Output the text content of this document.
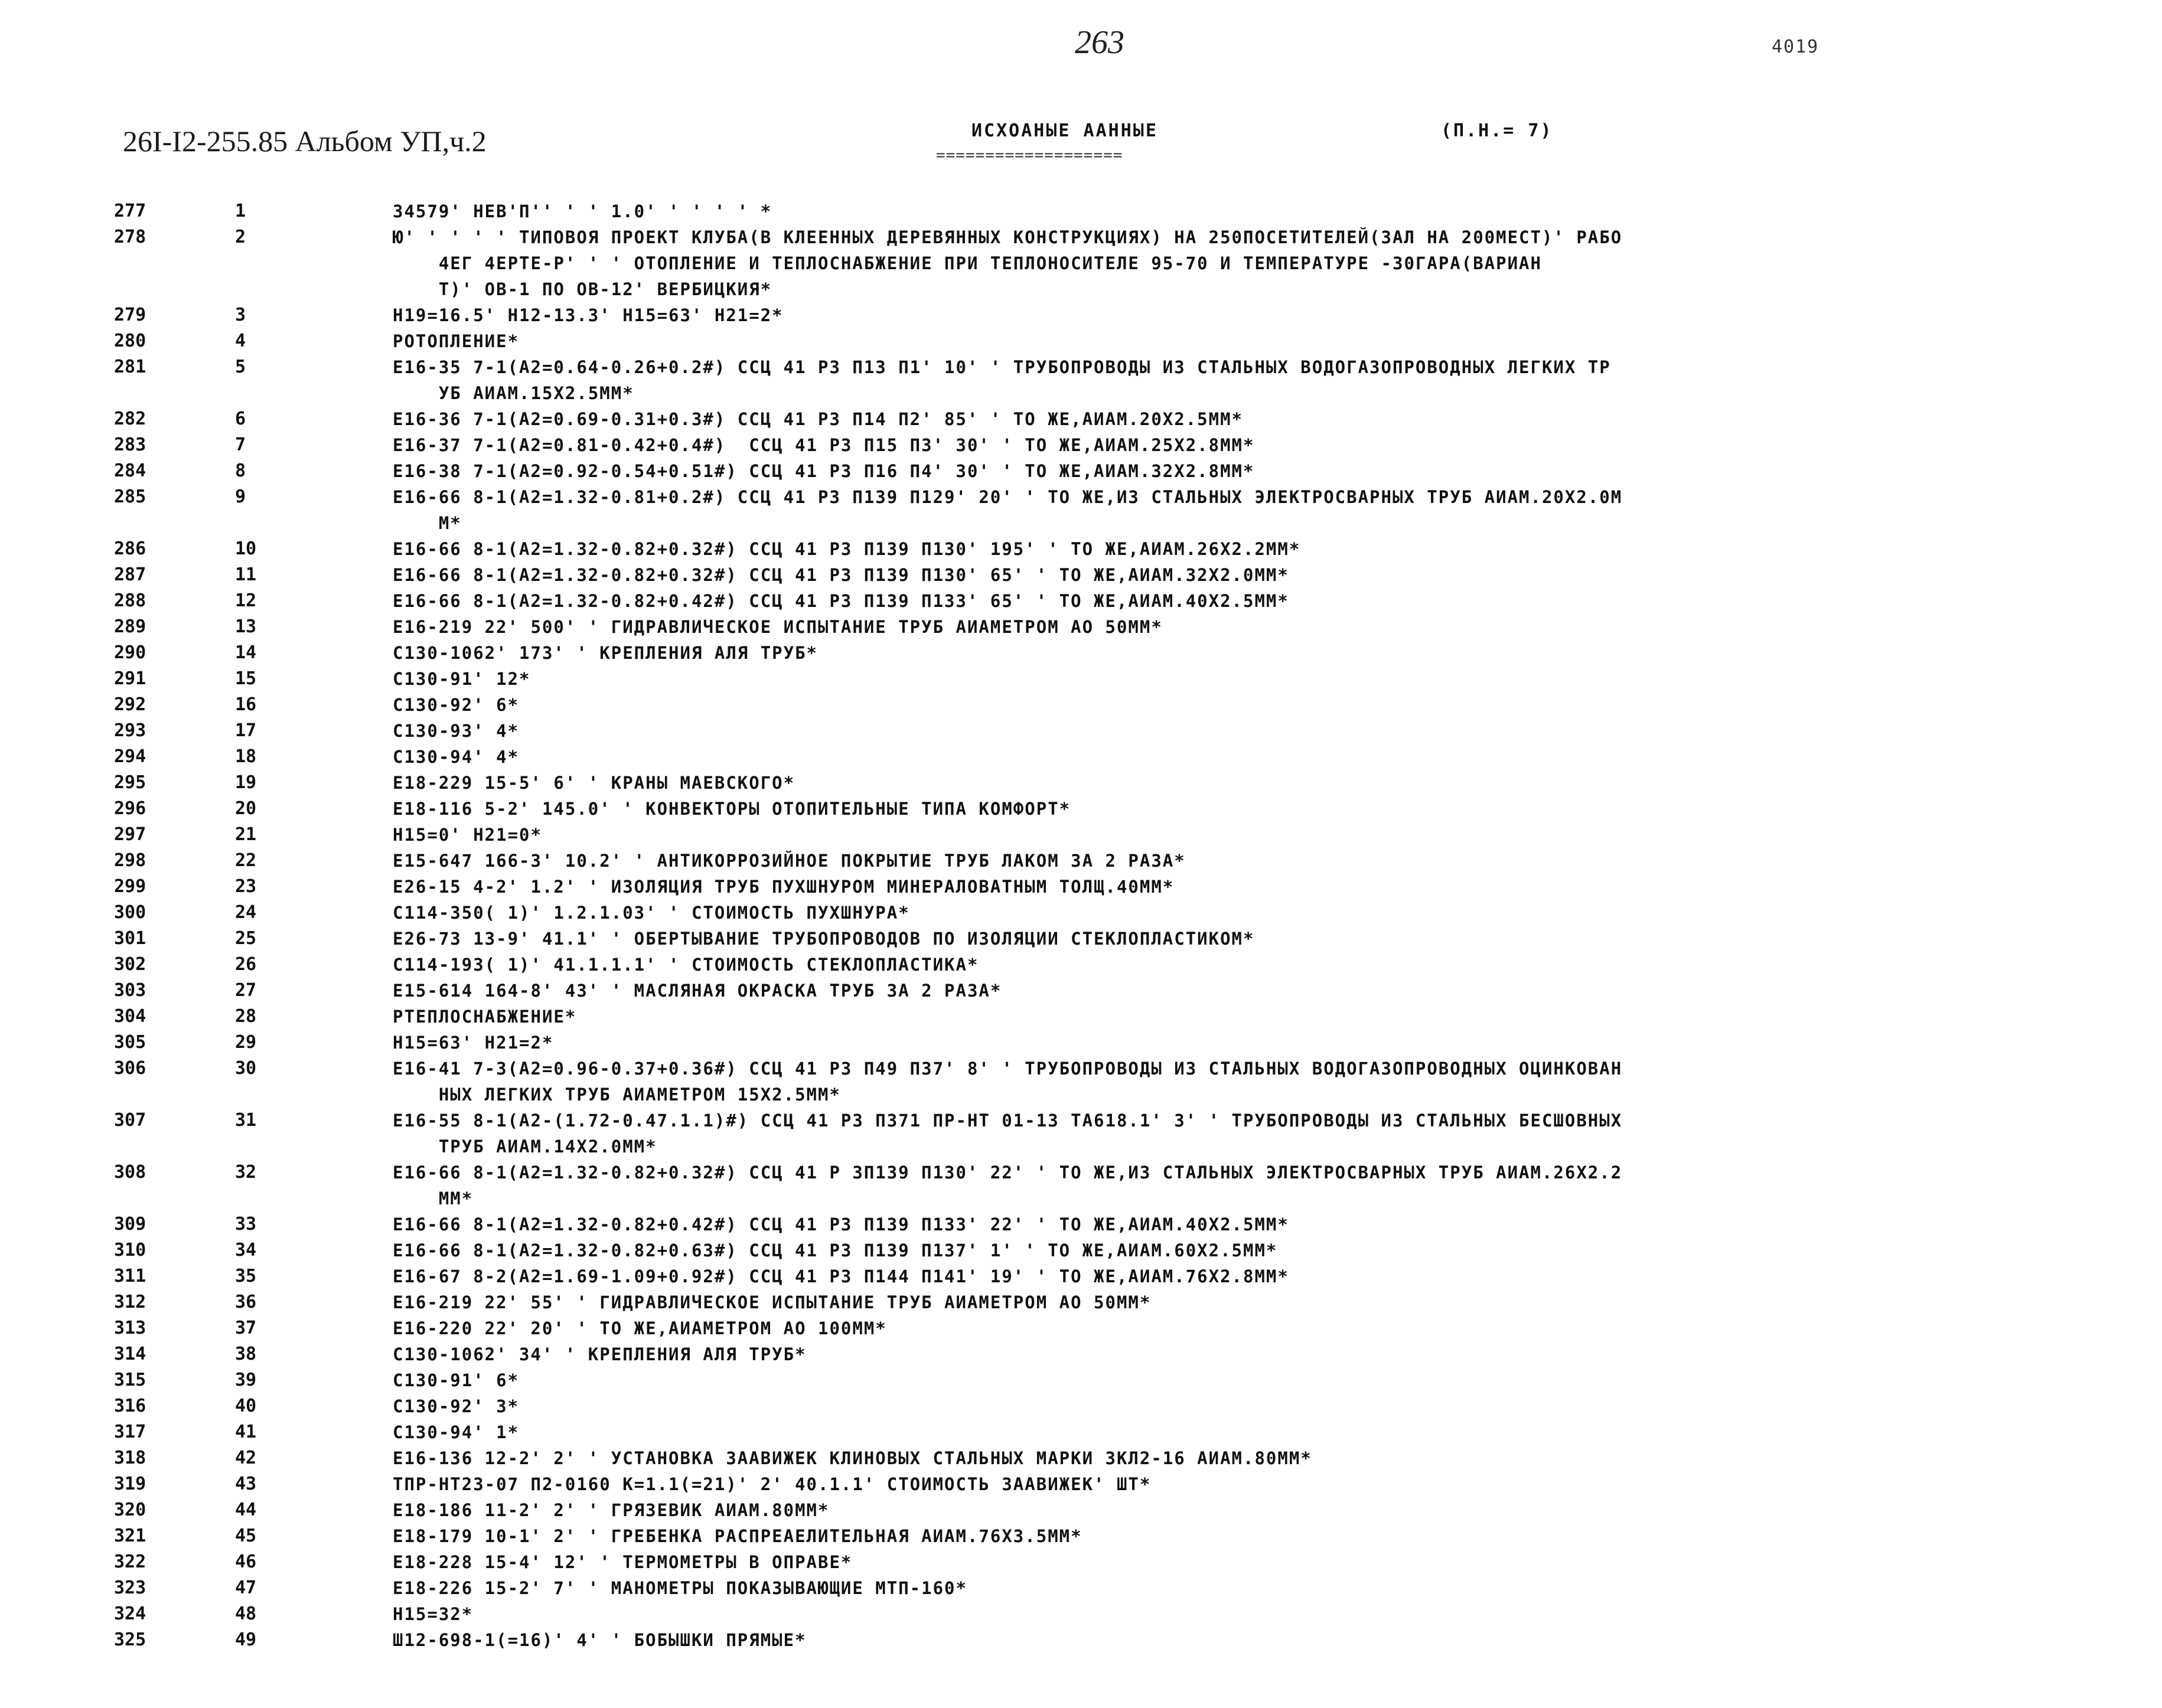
263	4019
26I-I2-255.85 Альбом УП,ч.2	ИСХОАНЫЕ ААННЫЕ
===================
(П.Н.= 7)
277	1	34579' НЕВ'П'' ' ' 1.0' ' ' ' ' *
278	2	Ю' ' ' ' ' ТИПОВОЯ ПРОЕКТ КЛУБА(В КЛЕЕННЫХ ДЕРЕВЯННЫХ КОНСТРУКЦИЯХ) НА 250ПОСЕТИТЕЛЕЙ(ЗАЛ НА 200МЕСТ)' РАБО
4ЕГ 4ЕРТЕ-Р' ' ' ОТОПЛЕНИЕ И ТЕПЛОСНАБЖЕНИЕ ПРИ ТЕПЛОНОСИТЕЛЕ 95-70 И ТЕМПЕРАТУРЕ -30ГАРА(ВАРИАН
Т)' ОВ-1 ПО ОВ-12' ВЕРБИЦКИЯ*
279	3	Н19=16.5' Н12-13.3' Н15=63' Н21=2*
280	4	РОТОПЛЕНИЕ*
281	5	Е16-35 7-1(А2=0.64-0.26+0.2#) ССЦ 41 Р3 П13 П1' 10' ' ТРУБОПРОВОДЫ ИЗ СТАЛЬНЫХ ВОДОГАЗОПРОВОДНЫХ ЛЕГКИХ ТР
УБ АИАМ.15Х2.5ММ*
282	6	Е16-36 7-1(А2=0.69-0.31+0.3#) ССЦ 41 Р3 П14 П2' 85' ' ТО ЖЕ,АИАМ.20Х2.5ММ*
283	7	Е16-37 7-1(А2=0.81-0.42+0.4#)  ССЦ 41 Р3 П15 П3' 30' ' ТО ЖЕ,АИАМ.25Х2.8ММ*
284	8	Е16-38 7-1(А2=0.92-0.54+0.51#) ССЦ 41 Р3 П16 П4' 30' ' ТО ЖЕ,АИАМ.32Х2.8ММ*
285	9	Е16-66 8-1(А2=1.32-0.81+0.2#) ССЦ 41 Р3 П139 П129' 20' ' ТО ЖЕ,ИЗ СТАЛЬНЫХ ЭЛЕКТРОСВАРНЫХ ТРУБ АИАМ.20Х2.0М
М*
286	10	Е16-66 8-1(А2=1.32-0.82+0.32#) ССЦ 41 Р3 П139 П130' 195' ' ТО ЖЕ,АИАМ.26Х2.2ММ*
287	11	Е16-66 8-1(А2=1.32-0.82+0.32#) ССЦ 41 Р3 П139 П130' 65' ' ТО ЖЕ,АИАМ.32Х2.0ММ*
288	12	Е16-66 8-1(А2=1.32-0.82+0.42#) ССЦ 41 Р3 П139 П133' 65' ' ТО ЖЕ,АИАМ.40Х2.5ММ*
289	13	Е16-219 22' 500' ' ГИДРАВЛИЧЕСКОЕ ИСПЫТАНИЕ ТРУБ АИАМЕТРОМ АО 50ММ*
290	14	С130-1062' 173' ' КРЕПЛЕНИЯ АЛЯ ТРУБ*
291	15	С130-91' 12*
292	16	С130-92' 6*
293	17	С130-93' 4*
294	18	С130-94' 4*
295	19	Е18-229 15-5' 6' ' КРАНЫ МАЕВСКОГО*
296	20	Е18-116 5-2' 145.0' ' КОНВЕКТОРЫ ОТОПИТЕЛЬНЫЕ ТИПА КОМФОРТ*
297	21	Н15=0' Н21=0*
298	22	Е15-647 166-3' 10.2' ' АНТИКОРРОЗИЙНОЕ ПОКРЫТИЕ ТРУБ ЛАКОМ ЗА 2 РАЗА*
299	23	Е26-15 4-2' 1.2' ' ИЗОЛЯЦИЯ ТРУБ ПУХШНУРОМ МИНЕРАЛОВАТНЫМ ТОЛЩ.40ММ*
300	24	С114-350( 1)' 1.2.1.03' ' СТОИМОСТЬ ПУХШНУРА*
301	25	Е26-73 13-9' 41.1' ' ОБЕРТЫВАНИЕ ТРУБОПРОВОДОВ ПО ИЗОЛЯЦИИ СТЕКЛОПЛАСТИКОМ*
302	26	С114-193( 1)' 41.1.1.1' ' СТОИМОСТЬ СТЕКЛОПЛАСТИКА*
303	27	Е15-614 164-8' 43' ' МАСЛЯНАЯ ОКРАСКА ТРУБ ЗА 2 РАЗА*
304	28	РТЕПЛОСНАБЖЕНИЕ*
305	29	Н15=63' Н21=2*
306	30	Е16-41 7-3(А2=0.96-0.37+0.36#) ССЦ 41 Р3 П49 П37' 8' ' ТРУБОПРОВОДЫ ИЗ СТАЛЬНЫХ ВОДОГАЗОПРОВОДНЫХ ОЦИНКОВАН
НЫХ ЛЕГКИХ ТРУБ АИАМЕТРОМ 15Х2.5ММ*
307	31	Е16-55 8-1(А2-(1.72-0.47.1.1)#) ССЦ 41 Р3 П371 ПР-НТ 01-13 ТА618.1' 3' ' ТРУБОПРОВОДЫ ИЗ СТАЛЬНЫХ БЕСШОВНЫХ
ТРУБ АИАМ.14Х2.0ММ*
308	32	Е16-66 8-1(А2=1.32-0.82+0.32#) ССЦ 41 Р 3П139 П130' 22' ' ТО ЖЕ,ИЗ СТАЛЬНЫХ ЭЛЕКТРОСВАРНЫХ ТРУБ АИАМ.26Х2.2
ММ*
309	33	Е16-66 8-1(А2=1.32-0.82+0.42#) ССЦ 41 Р3 П139 П133' 22' ' ТО ЖЕ,АИАМ.40Х2.5ММ*
310	34	Е16-66 8-1(А2=1.32-0.82+0.63#) ССЦ 41 Р3 П139 П137' 1' ' ТО ЖЕ,АИАМ.60Х2.5ММ*
311	35	Е16-67 8-2(А2=1.69-1.09+0.92#) ССЦ 41 Р3 П144 П141' 19' ' ТО ЖЕ,АИАМ.76Х2.8ММ*
312	36	Е16-219 22' 55' ' ГИДРАВЛИЧЕСКОЕ ИСПЫТАНИЕ ТРУБ АИАМЕТРОМ АО 50ММ*
313	37	Е16-220 22' 20' ' ТО ЖЕ,АИАМЕТРОМ АО 100ММ*
314	38	С130-1062' 34' ' КРЕПЛЕНИЯ АЛЯ ТРУБ*
315	39	С130-91' 6*
316	40	С130-92' 3*
317	41	С130-94' 1*
318	42	Е16-136 12-2' 2' ' УСТАНОВКА ЗААВИЖЕК КЛИНОВЫХ СТАЛЬНЫХ МАРКИ ЗКЛ2-16 АИАМ.80ММ*
319	43	ТПР-НТ23-07 П2-0160 К=1.1(=21)' 2' 40.1.1' СТОИМОСТЬ ЗААВИЖЕК' ШТ*
320	44	Е18-186 11-2' 2' ' ГРЯЗЕВИК АИАМ.80ММ*
321	45	Е18-179 10-1' 2' ' ГРЕБЕНКА РАСПРЕАЕЛИТЕЛЬНАЯ АИАМ.76Х3.5ММ*
322	46	Е18-228 15-4' 12' ' ТЕРМОМЕТРЫ В ОПРАВЕ*
323	47	Е18-226 15-2' 7' ' МАНОМЕТРЫ ПОКАЗЫВАЮЩИЕ МТП-160*
324	48	Н15=32*
325	49	Ш12-698-1(=16)' 4' ' БОБЫШКИ ПРЯМЫЕ*
